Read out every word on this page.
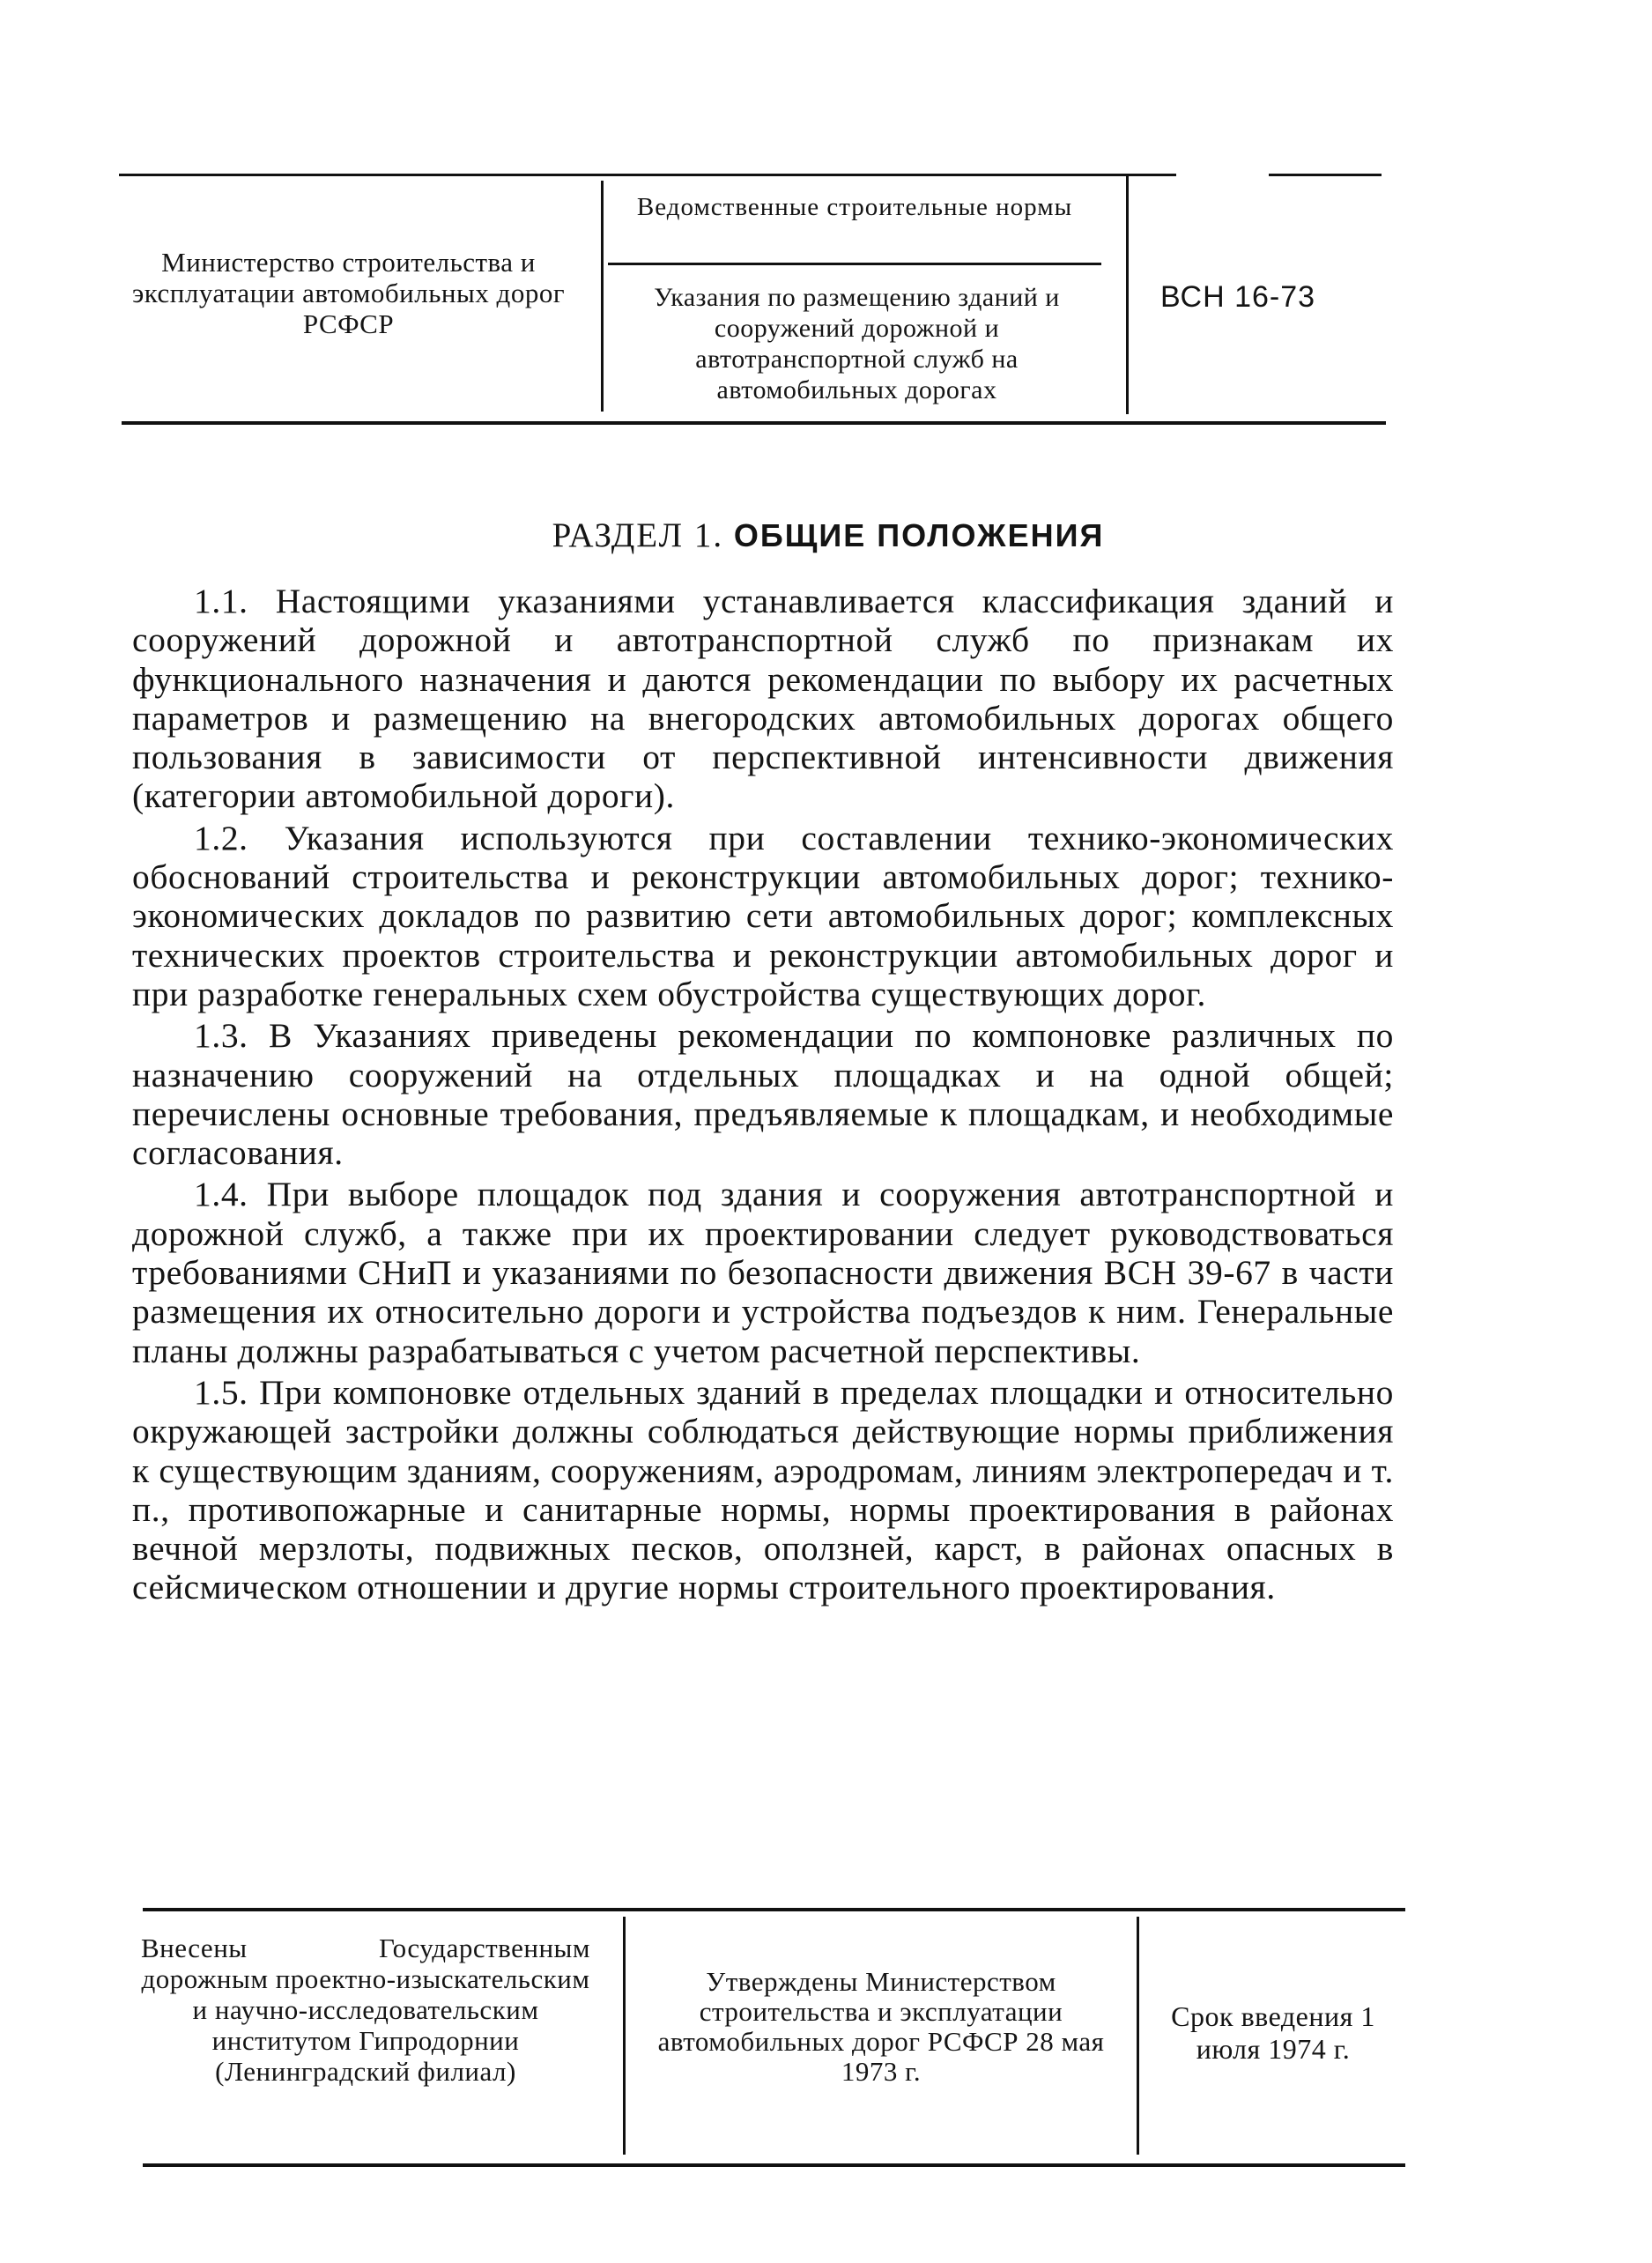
Министерство строительства и эксплуатации автомобильных дорог РСФСР
Ведомственные строительные нормы
Указания по размещению зданий и сооружений дорожной и автотранспортной служб на автомобильных дорогах
ВСН 16-73
РАЗДЕЛ 1. ОБЩИЕ ПОЛОЖЕНИЯ

1.1. Настоящими указаниями устанавливается классификация зданий и сооружений дорожной и автотранспортной служб по признакам их функционального назначения и даются рекомендации по выбору их расчетных параметров и размещению на внегородских автомобильных дорогах общего пользования в зависимости от перспективной интенсивности движения (категории автомобильной дороги).

1.2. Указания используются при составлении технико-экономических обоснований строительства и реконструкции автомобильных дорог; технико-экономических докладов по развитию сети автомобильных дорог; комплексных технических проектов строительства и реконструкции автомобильных дорог и при разработке генеральных схем обустройства существующих дорог.

1.3. В Указаниях приведены рекомендации по компоновке различных по назначению сооружений на отдельных площадках и на одной общей; перечислены основные требования, предъявляемые к площадкам, и необходимые согласования.

1.4. При выборе площадок под здания и сооружения автотранспортной и дорожной служб, а также при их проектировании следует руководствоваться требованиями СНиП и указаниями по безопасности движения ВСН 39-67 в части размещения их относительно дороги и устройства подъездов к ним. Генеральные планы должны разрабатываться с учетом расчетной перспективы.

1.5. При компоновке отдельных зданий в пределах площадки и относительно окружающей застройки должны соблюдаться действующие нормы приближения к существующим зданиям, сооружениям, аэродромам, линиям электропередач и т. п., противопожарные и санитарные нормы, нормы проектирования в районах вечной мерзлоты, подвижных песков, оползней, карст, в районах опасных в сейсмическом отношении и другие нормы строительного проектирования.

Внесены Государственным
дорожным проектно-изыскательским и научно-исследовательским институтом Гипродорнии (Ленинградский филиал)
Утверждены Министерством строительства и эксплуатации автомобильных дорог РСФСР 28 мая 1973 г.
Срок введения 1 июля 1974 г.
